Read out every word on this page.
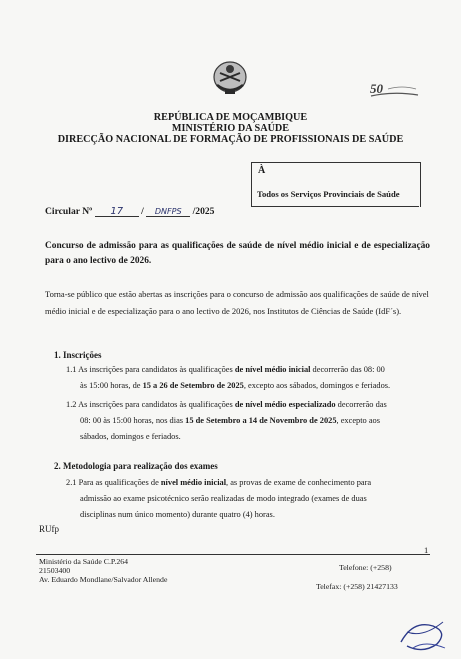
50
REPÚBLICA DE MOÇAMBIQUE
MINISTÉRIO DA SAÚDE
DIRECÇÃO NACIONAL DE FORMAÇÃO DE PROFISSIONAIS DE SAÚDE
À
Todos os Serviços Provinciais de Saúde
Circular Nº 17 / DNFPS /2025
Concurso de admissão para as qualificações de saúde de nível médio inicial e de especialização para o ano lectivo de 2026.
Torna-se público que estão abertas as inscrições para o concurso de admissão aos qualificações de saúde de nível médio inicial e de especialização para o ano lectivo de 2026, nos Institutos de Ciências de Saúde (IdF´s).
1. Inscrições
1.1 As inscrições para candidatos às qualificações de nível médio inicial decorrerão das 08: 00
às 15:00 horas, de 15 a 26 de Setembro de 2025, excepto aos sábados, domingos e feriados.
1.2 As inscrições para candidatos às qualificações de nível médio especializado decorrerão das
08: 00 às 15:00 horas, nos dias 15 de Setembro a 14 de Novembro de 2025, excepto aos
sábados, domingos e feriados.
2. Metodologia para realização dos exames
2.1 Para as qualificações de nível médio inicial, as provas de exame de conhecimento para
admissão ao exame psicotécnico serão realizadas de modo integrado (exames de duas
disciplinas num único momento) durante quatro (4) horas.
RUfp
1
Ministério da Saúde C.P.264
21503400
Av. Eduardo Mondlane/Salvador Allende
Telefone: (+258)
Telefax: (+258) 21427133
